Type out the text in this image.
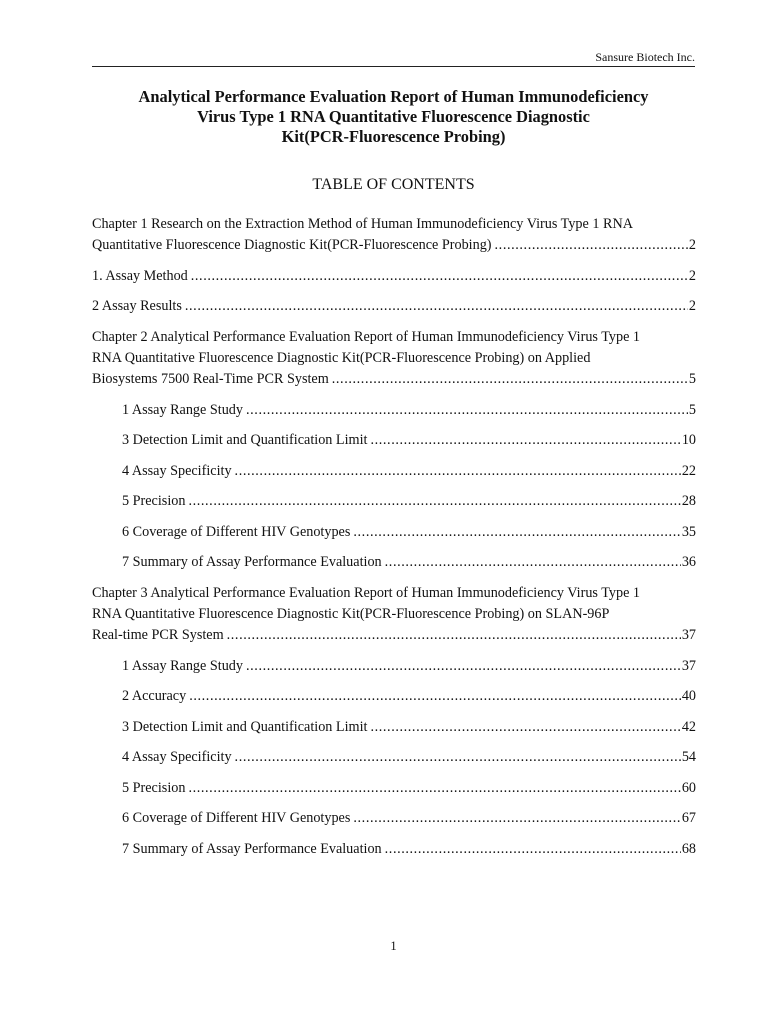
Sansure Biotech Inc.
Analytical Performance Evaluation Report of Human Immunodeficiency
Virus Type 1 RNA Quantitative Fluorescence Diagnostic
Kit(PCR-Fluorescence Probing)
TABLE OF CONTENTS
Chapter 1 Research on the Extraction Method of Human Immunodeficiency Virus Type 1 RNA
Quantitative Fluorescence Diagnostic Kit(PCR-Fluorescence Probing) .....	2
1. Assay Method .....	2
2 Assay Results .....	2
Chapter 2 Analytical Performance Evaluation Report of Human Immunodeficiency Virus Type 1
RNA Quantitative Fluorescence Diagnostic Kit(PCR-Fluorescence Probing) on Applied
Biosystems 7500 Real-Time PCR System .....	5
1 Assay Range Study .....	5
3 Detection Limit and Quantification Limit .....	10
4 Assay Specificity .....	22
5 Precision .....	28
6 Coverage of Different HIV Genotypes .....	35
7 Summary of Assay Performance Evaluation .....	36
Chapter 3 Analytical Performance Evaluation Report of Human Immunodeficiency Virus Type 1
RNA Quantitative Fluorescence Diagnostic Kit(PCR-Fluorescence Probing) on SLAN-96P
Real-time PCR System .....	37
1 Assay Range Study .....	37
2 Accuracy .....	40
3 Detection Limit and Quantification Limit .....	42
4 Assay Specificity .....	54
5 Precision .....	60
6 Coverage of Different HIV Genotypes .....	67
7 Summary of Assay Performance Evaluation .....	68
1
